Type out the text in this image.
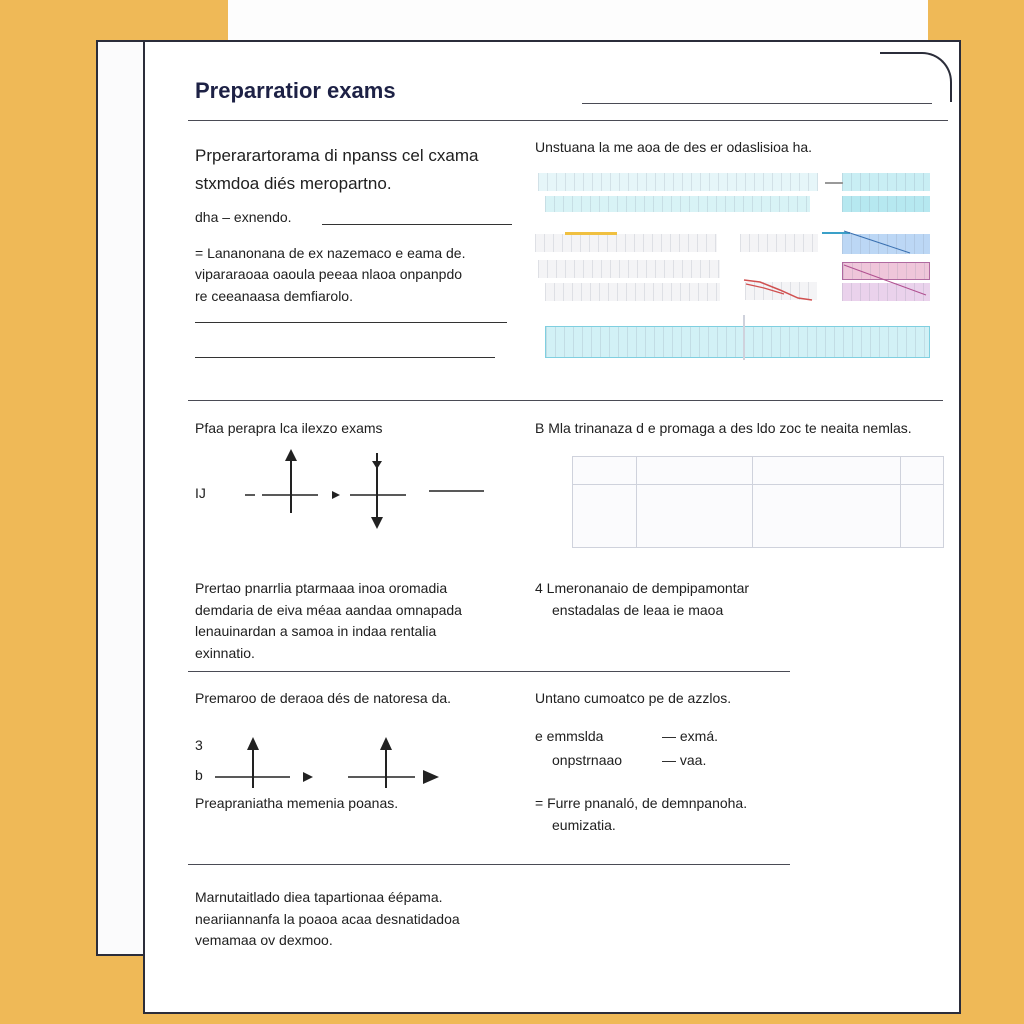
Preparratior exams
Prperarartorama di npanss cel cxama
stxmdoa diés meropartno.
dha – exnendo.
= Lananonana de ex nazemaco e eama de.
vipararaoaa oaoula peeaa nlaoa onpanpdo
re ceeanaasa demfiarolo.
Unstuana la me aoa de des er odaslisioa ha.
Pfaa perapra lca ilexzo exams
IJ
B Mla trinanaza d e promaga a des ldo zoc te neaita nemlas.
Prertao pnarrlia ptarmaaa inoa oromadia
demdaria de eiva méaa aandaa omnapada
lenauinardan a samoa in indaa rentalia
exinnatio.
4 Lmeronanaio de dempipamontar
enstadalas de leaa ie maoa
Premaroo de deraoa dés de natoresa da.
3
b
Preapraniatha memenia poanas.
Untano cumoatco pe de azzlos.
e emmslda	— exmá.
onpstrnaao	— vaa.
= Furre pnanaló, de demnpanoha.
eumizatia.
Marnutaitlado diea tapartionaa éépama.
neariiannanfa la poaoa acaa desnatidadoa
vemamaa ov dexmoo.
